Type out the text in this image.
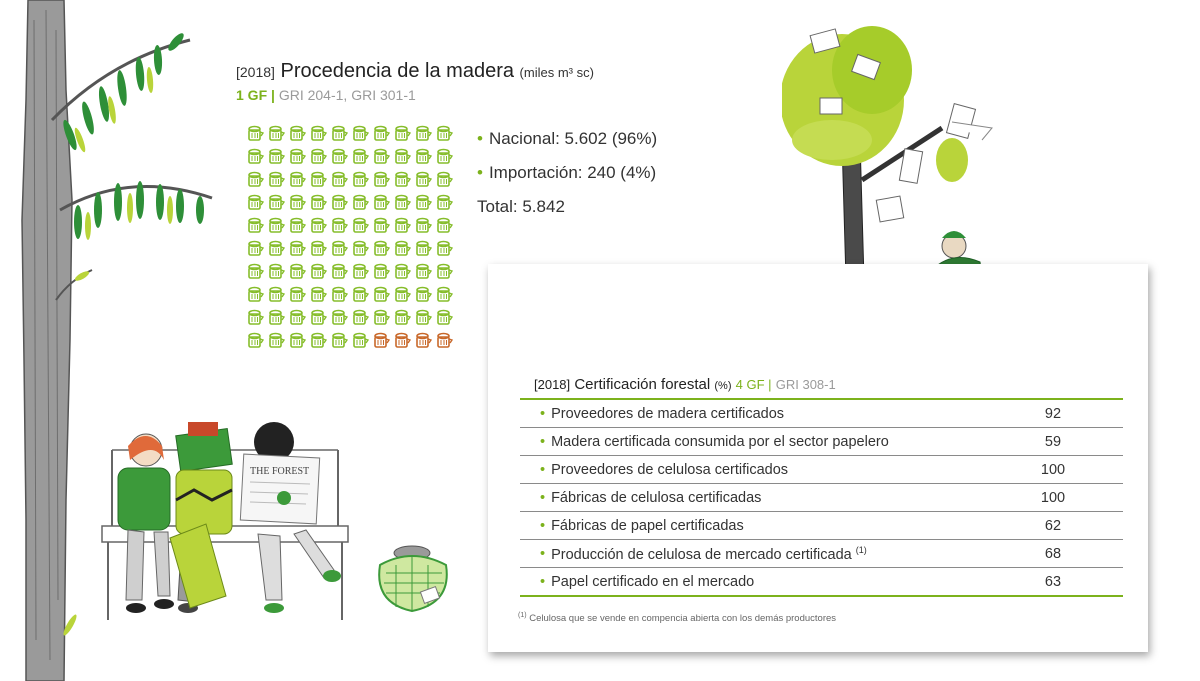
[2018] Procedencia de la madera (miles m³ sc)
1 GF | GRI 204-1, GRI 301-1
• Nacional: 5.602 (96%)
• Importación: 240 (4%)
Total: 5.842
[2018] Certificación forestal (%) 4 GF | GRI 308-1
• Proveedores de madera certificados	92
• Madera certificada consumida por el sector papelero	59
• Proveedores de celulosa certificados	100
• Fábricas de celulosa certificadas	100
• Fábricas de papel certificadas	62
• Producción de celulosa de mercado certificada $^{(1)}$	68
• Papel certificado en el mercado	63
$^{(1)}$ Celulosa que se vende en compencia abierta con los demás productores
THE FOREST
